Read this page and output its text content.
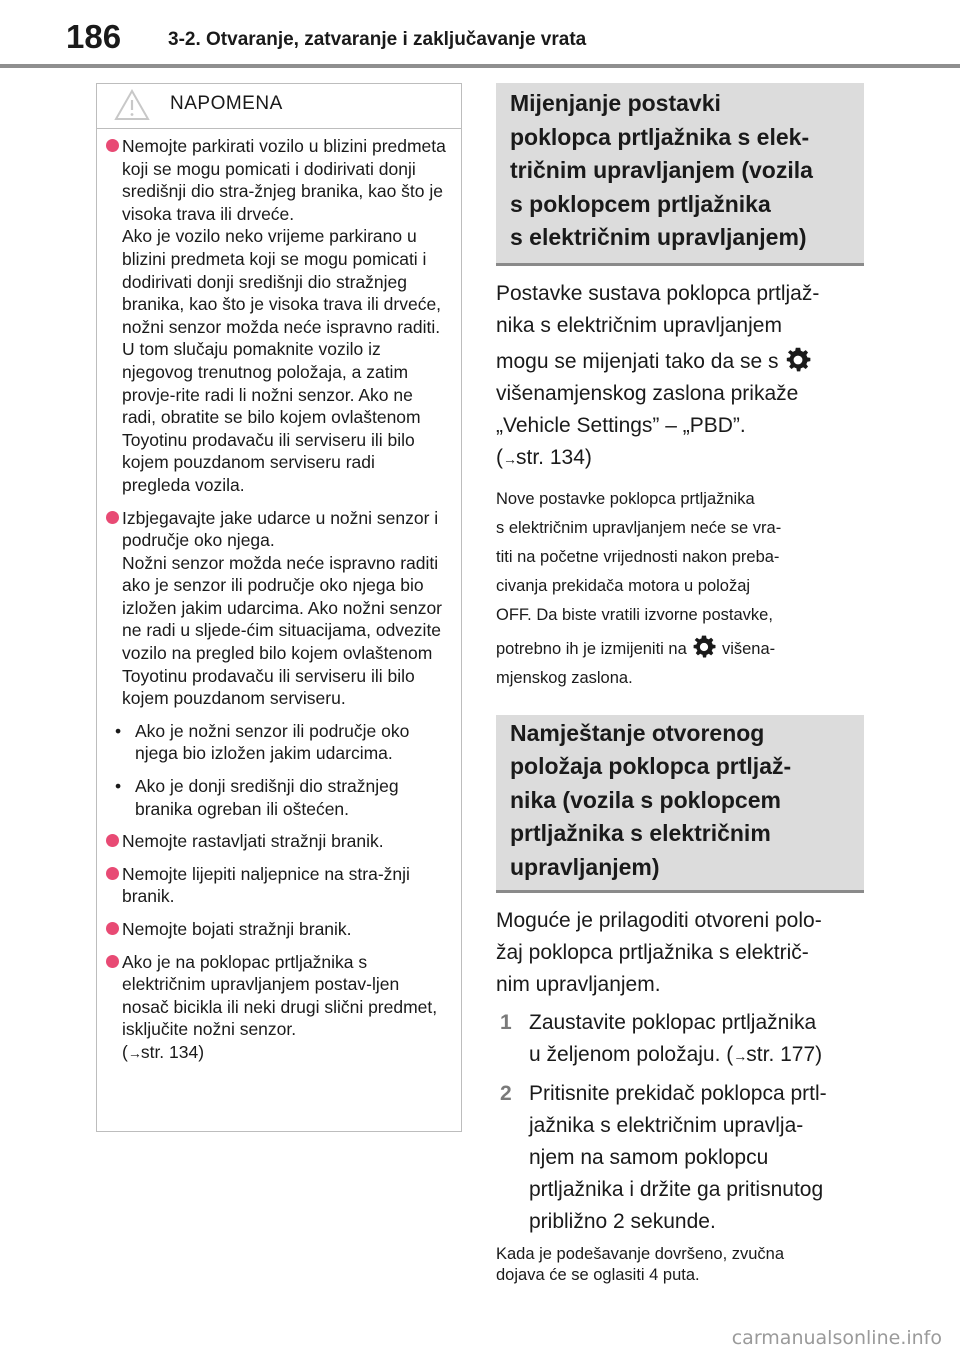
186 3-2. Otvaranje, zatvaranje i zaključavanje vrata
NAPOMENA

Nemojte parkirati vozilo u blizini predmeta koji se mogu pomicati i dodirivati donji središnji dio stra-žnjeg branika, kao što je visoka trava ili drveće.

Ako je vozilo neko vrijeme parkirano u blizini predmeta koji se mogu pomicati i dodirivati donji središnji dio stražnjeg branika, kao što je visoka trava ili drveće, nožni senzor možda neće ispravno raditi. U tom slučaju pomaknite vozilo iz njegovog trenutnog položaja, a zatim provje-rite radi li nožni senzor. Ako ne radi, obratite se bilo kojem ovlaštenom Toyotinu prodavaču ili serviseru ili bilo kojem pouzdanom serviseru radi pregleda vozila.

Izbjegavajte jake udarce u nožni senzor i područje oko njega.

Nožni senzor možda neće ispravno raditi ako je senzor ili područje oko njega bio izložen jakim udarcima. Ako nožni senzor ne radi u sljede-ćim situacijama, odvezite vozilo na pregled bilo kojem ovlaštenom Toyotinu prodavaču ili serviseru ili bilo kojem pouzdanom serviseru.

• Ako je nožni senzor ili područje oko njega bio izložen jakim udarcima.
• Ako je donji središnji dio stražnjeg branika ogreban ili oštećen.

Nemojte rastavljati stražnji branik.

Nemojte lijepiti naljepnice na stra-žnji branik.

Nemojte bojati stražnji branik.

Ako je na poklopac prtljažnika s električnim upravljanjem postav-ljen nosač bicikla ili neki drugi slični predmet, isključite nožni senzor.

(→str. 134)

Mijenjanje postavki
poklopca prtljažnika s elek-
tričnim upravljanjem (vozila
s poklopcem prtljažnika
s električnim upravljanjem)

Postavke sustava poklopca prtljaž-
nika s električnim upravljanjem
mogu se mijenjati tako da se s
višenamjenskog zaslona prikaže
„Vehicle Settings” – „PBD”.
(→str. 134)

Nove postavke poklopca prtljažnika
s električnim upravljanjem neće se vra-
titi na početne vrijednosti nakon preba-
civanja prekidača motora u položaj
OFF. Da biste vratili izvorne postavke,
potrebno ih je izmijeniti na višena-
mjenskog zaslona.

Namještanje otvorenog
položaja poklopca prtljaž-
nika (vozila s poklopcem
prtljažnika s električnim
upravljanjem)

Moguće je prilagoditi otvoreni polo-
žaj poklopca prtljažnika s električ-
nim upravljanjem.

1 Zaustavite poklopac prtljažnika
u željenom položaju. (→str. 177)
2 Pritisnite prekidač poklopca prtl-
jažnika s električnim upravlja-
njem na samom poklopcu
prtljažnika i držite ga pritisnutog
približno 2 sekunde.
Kada je podešavanje dovršeno, zvučna
dojava će se oglasiti 4 puta.
carmanualsonline.info
